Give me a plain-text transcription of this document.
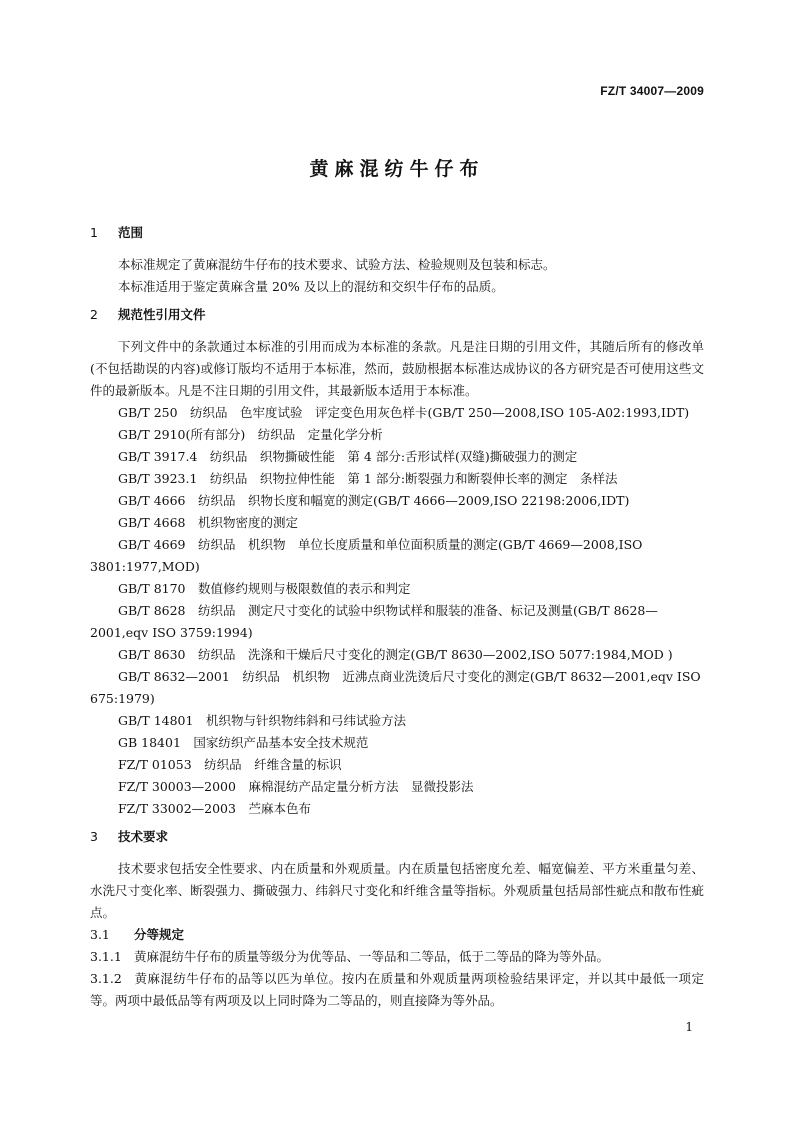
FZ/T 34007—2009
黄麻混纺牛仔布
1 范围

本标准规定了黄麻混纺牛仔布的技术要求、试验方法、检验规则及包装和标志。

本标准适用于鉴定黄麻含量 20% 及以上的混纺和交织牛仔布的品质。

2 规范性引用文件

下列文件中的条款通过本标准的引用而成为本标准的条款。凡是注日期的引用文件，其随后所有的修改单(不包括勘误的内容)或修订版均不适用于本标准，然而，鼓励根据本标准达成协议的各方研究是否可使用这些文件的最新版本。凡是不注日期的引用文件，其最新版本适用于本标准。

GB/T 250　纺织品　色牢度试验　评定变色用灰色样卡(GB/T 250—2008,ISO 105-A02:1993,IDT)

GB/T 2910(所有部分)　纺织品　定量化学分析

GB/T 3917.4　纺织品　织物撕破性能　第 4 部分:舌形试样(双缝)撕破强力的测定

GB/T 3923.1　纺织品　织物拉伸性能　第 1 部分:断裂强力和断裂伸长率的测定　条样法

GB/T 4666　纺织品　织物长度和幅宽的测定(GB/T 4666—2009,ISO 22198:2006,IDT)

GB/T 4668　机织物密度的测定

GB/T 4669　纺织品　机织物　单位长度质量和单位面积质量的测定(GB/T 4669—2008,ISO 3801:1977,MOD)

GB/T 8170　数值修约规则与极限数值的表示和判定

GB/T 8628　纺织品　测定尺寸变化的试验中织物试样和服装的准备、标记及测量(GB/T 8628—2001,eqv ISO 3759:1994)

GB/T 8630　纺织品　洗涤和干燥后尺寸变化的测定(GB/T 8630—2002,ISO 5077:1984,MOD )

GB/T 8632—2001　纺织品　机织物　近沸点商业洗烫后尺寸变化的测定(GB/T 8632—2001,eqv ISO 675:1979)

GB/T 14801　机织物与针织物纬斜和弓纬试验方法

GB 18401　国家纺织产品基本安全技术规范

FZ/T 01053　纺织品　纤维含量的标识

FZ/T 30003—2000　麻棉混纺产品定量分析方法　显微投影法

FZ/T 33002—2003　苎麻本色布

3 技术要求

技术要求包括安全性要求、内在质量和外观质量。内在质量包括密度允差、幅宽偏差、平方米重量匀差、水洗尺寸变化率、断裂强力、撕破强力、纬斜尺寸变化和纤维含量等指标。外观质量包括局部性疵点和散布性疵点。

3.1 分等规定

3.1.1 黄麻混纺牛仔布的质量等级分为优等品、一等品和二等品，低于二等品的降为等外品。

3.1.2 黄麻混纺牛仔布的品等以匹为单位。按内在质量和外观质量两项检验结果评定，并以其中最低一项定等。两项中最低品等有两项及以上同时降为二等品的，则直接降为等外品。

1
